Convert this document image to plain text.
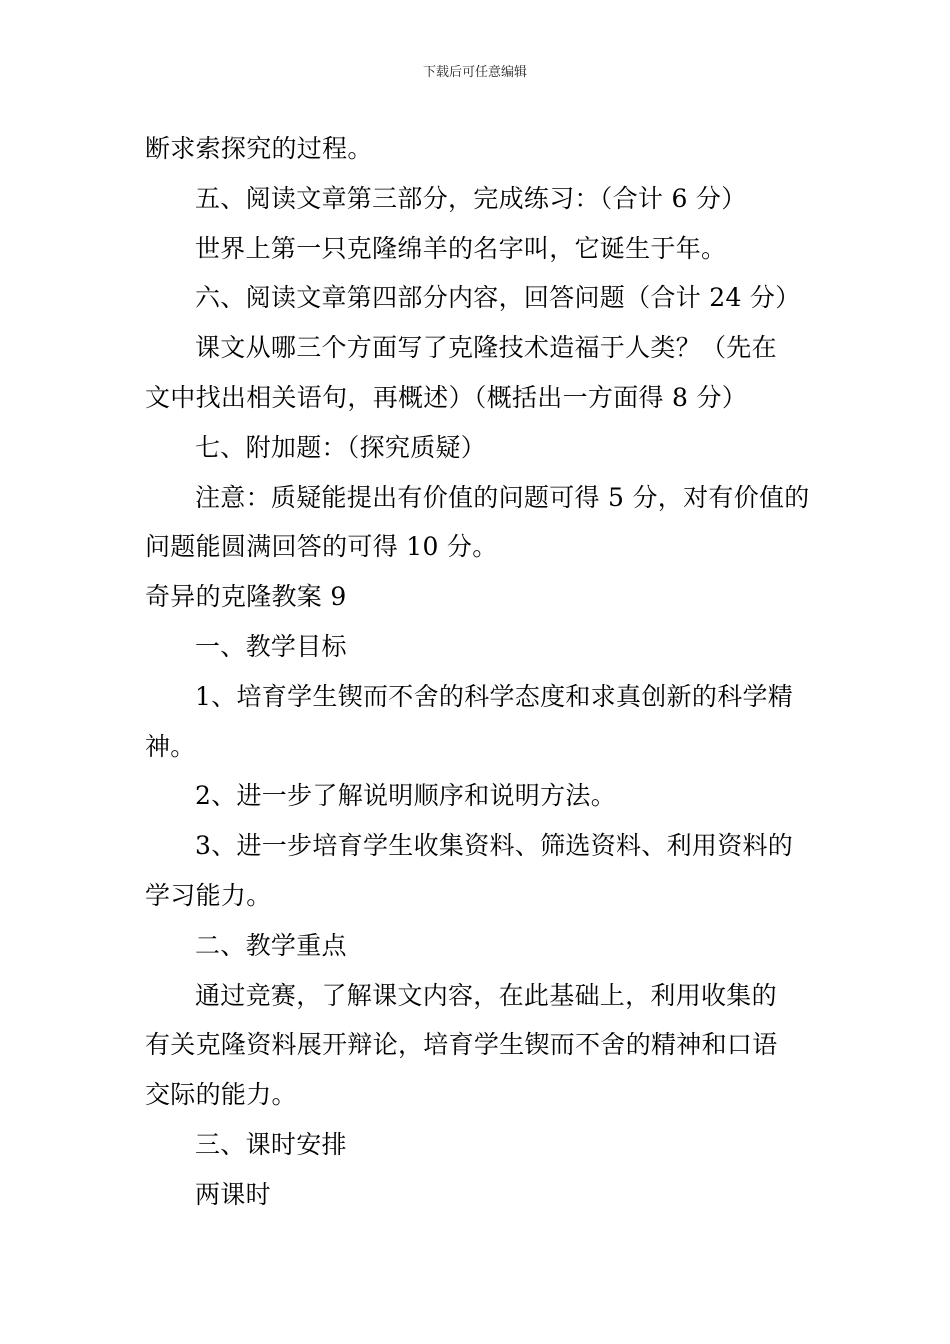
下载后可任意编辑
断求索探究的过程。
五、阅读文章第三部分，完成练习：（合计 6 分）
世界上第一只克隆绵羊的名字叫，它诞生于年。
六、阅读文章第四部分内容，回答问题（合计 24 分）
课文从哪三个方面写了克隆技术造福于人类？（先在
文中找出相关语句，再概述）（概括出一方面得 8 分）
七、附加题：（探究质疑）
注意：质疑能提出有价值的问题可得 5 分，对有价值的
问题能圆满回答的可得 10 分。
奇异的克隆教案 9
一、教学目标
1、培育学生锲而不舍的科学态度和求真创新的科学精
神。
2、进一步了解说明顺序和说明方法。
3、进一步培育学生收集资料、筛选资料、利用资料的
学习能力。
二、教学重点
通过竞赛，了解课文内容，在此基础上，利用收集的
有关克隆资料展开辩论，培育学生锲而不舍的精神和口语
交际的能力。
三、课时安排
两课时
